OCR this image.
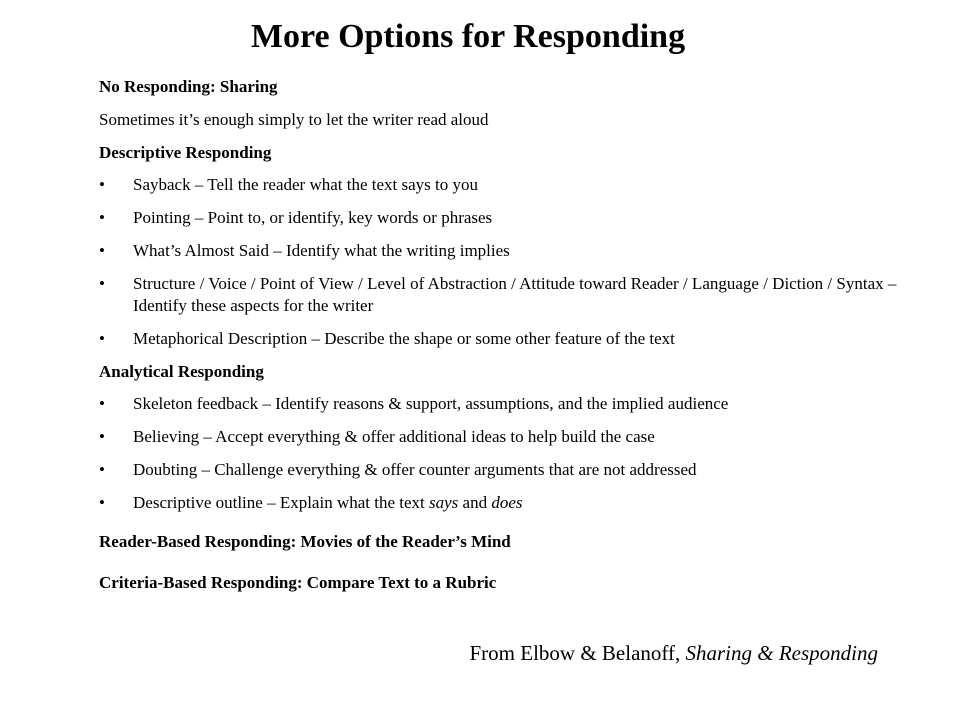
More Options for Responding
No Responding: Sharing
Sometimes it’s enough simply to let the writer read aloud
Descriptive Responding
• Sayback – Tell the reader what the text says to you
• Pointing – Point to, or identify, key words or phrases
• What’s Almost Said – Identify what the writing implies
• Structure / Voice / Point of View / Level of Abstraction / Attitude toward Reader / Language / Diction / Syntax – Identify these aspects for the writer
• Metaphorical Description – Describe the shape or some other feature of the text
Analytical Responding
• Skeleton feedback – Identify reasons & support, assumptions, and the implied audience
• Believing – Accept everything & offer additional ideas to help build the case
• Doubting – Challenge everything & offer counter arguments that are not addressed
• Descriptive outline – Explain what the text says and does
Reader-Based Responding: Movies of the Reader’s Mind
Criteria-Based Responding: Compare Text to a Rubric
From Elbow & Belanoff, Sharing & Responding
